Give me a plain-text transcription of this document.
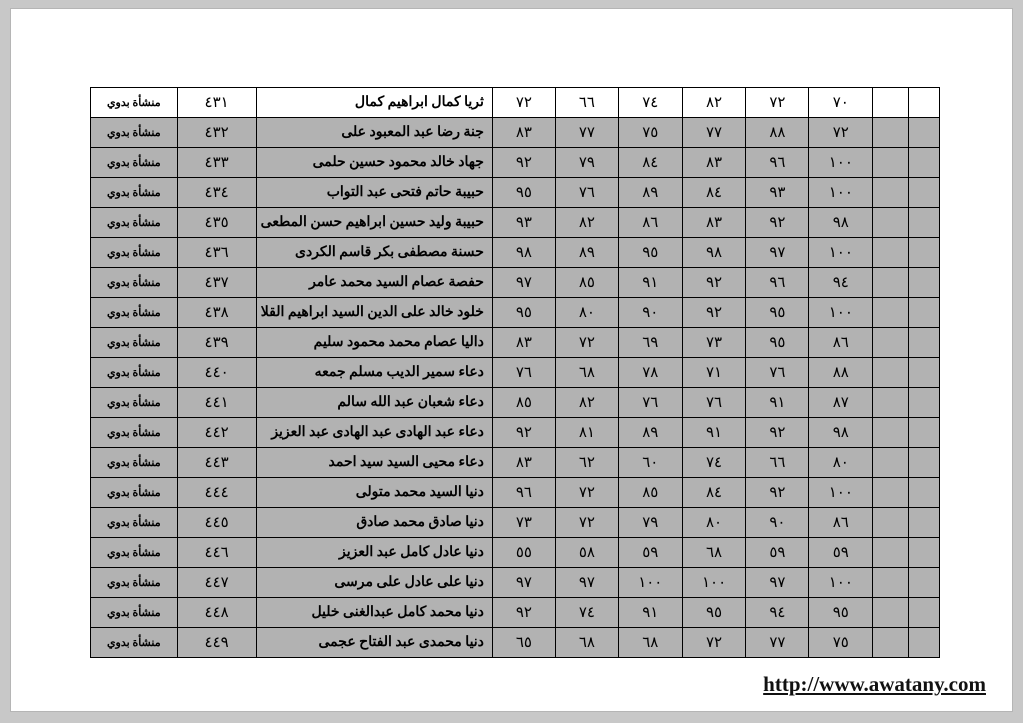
		٧٠	٧٢	٨٢	٧٤	٦٦	٧٢	ثريا كمال ابراهيم كمال	٤٣١	منشأة بدوي
		٧٢	٨٨	٧٧	٧٥	٧٧	٨٣	جنة رضا عبد المعبود على	٤٣٢	منشأة بدوي
		١٠٠	٩٦	٨٣	٨٤	٧٩	٩٢	جهاد خالد محمود حسين حلمى	٤٣٣	منشأة بدوي
		١٠٠	٩٣	٨٤	٨٩	٧٦	٩٥	حبيبة حاتم فتحى عبد التواب	٤٣٤	منشأة بدوي
		٩٨	٩٢	٨٣	٨٦	٨٢	٩٣	حبيبة وليد حسين ابراهيم حسن المطعى	٤٣٥	منشأة بدوي
		١٠٠	٩٧	٩٨	٩٥	٨٩	٩٨	حسنة مصطفى بكر قاسم الكردى	٤٣٦	منشأة بدوي
		٩٤	٩٦	٩٢	٩١	٨٥	٩٧	حفصة عصام السيد محمد عامر	٤٣٧	منشأة بدوي
		١٠٠	٩٥	٩٢	٩٠	٨٠	٩٥	خلود خالد على الدين السيد ابراهيم القلا	٤٣٨	منشأة بدوي
		٨٦	٩٥	٧٣	٦٩	٧٢	٨٣	داليا عصام محمد محمود سليم	٤٣٩	منشأة بدوي
		٨٨	٧٦	٧١	٧٨	٦٨	٧٦	دعاء سمير الديب مسلم جمعه	٤٤٠	منشأة بدوي
		٨٧	٩١	٧٦	٧٦	٨٢	٨٥	دعاء شعبان عبد الله سالم	٤٤١	منشأة بدوي
		٩٨	٩٢	٩١	٨٩	٨١	٩٢	دعاء عبد الهادى عبد الهادى عبد العزيز	٤٤٢	منشأة بدوي
		٨٠	٦٦	٧٤	٦٠	٦٢	٨٣	دعاء محيى السيد سيد احمد	٤٤٣	منشأة بدوي
		١٠٠	٩٢	٨٤	٨٥	٧٢	٩٦	دنيا السيد محمد متولى	٤٤٤	منشأة بدوي
		٨٦	٩٠	٨٠	٧٩	٧٢	٧٣	دنيا صادق محمد صادق	٤٤٥	منشأة بدوي
		٥٩	٥٩	٦٨	٥٩	٥٨	٥٥	دنيا عادل كامل عبد العزيز	٤٤٦	منشأة بدوي
		١٠٠	٩٧	١٠٠	١٠٠	٩٧	٩٧	دنيا على عادل على مرسى	٤٤٧	منشأة بدوي
		٩٥	٩٤	٩٥	٩١	٧٤	٩٢	دنيا محمد كامل عبدالغنى خليل	٤٤٨	منشأة بدوي
		٧٥	٧٧	٧٢	٦٨	٦٨	٦٥	دنيا محمدى عبد الفتاح عجمى	٤٤٩	منشأة بدوي
http://www.awatany.com
